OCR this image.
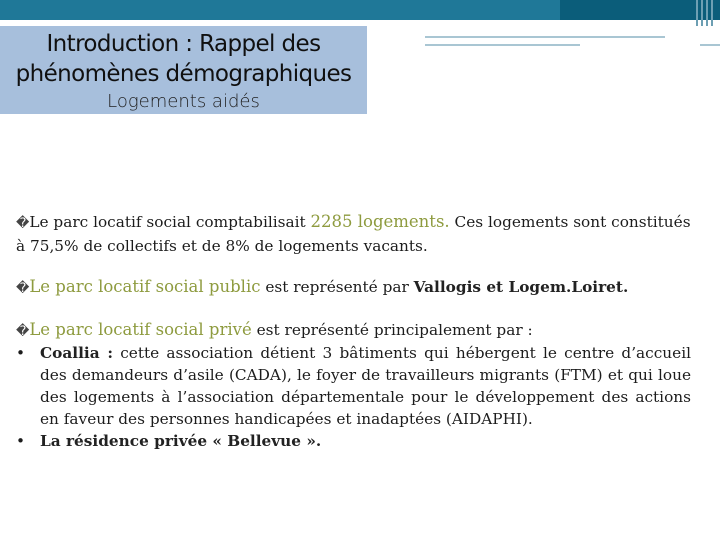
Introduction : Rappel des
phénomènes démographiques
Logements aidés
�Le parc locatif social comptabilisait 2285 logements. Ces logements sont constitués à 75,5% de collectifs et de 8% de logements vacants.
�Le parc locatif social public est représenté par Vallogis et Logem.Loiret.
�Le parc locatif social privé est représenté principalement par :
• Coallia : cette association détient 3 bâtiments qui hébergent le centre d’accueil des demandeurs d’asile (CADA), le foyer de travailleurs migrants (FTM) et qui loue des logements à l’association départementale pour le développement des actions en faveur des personnes handicapées et inadaptées (AIDAPHI).
• La résidence privée « Bellevue ».
